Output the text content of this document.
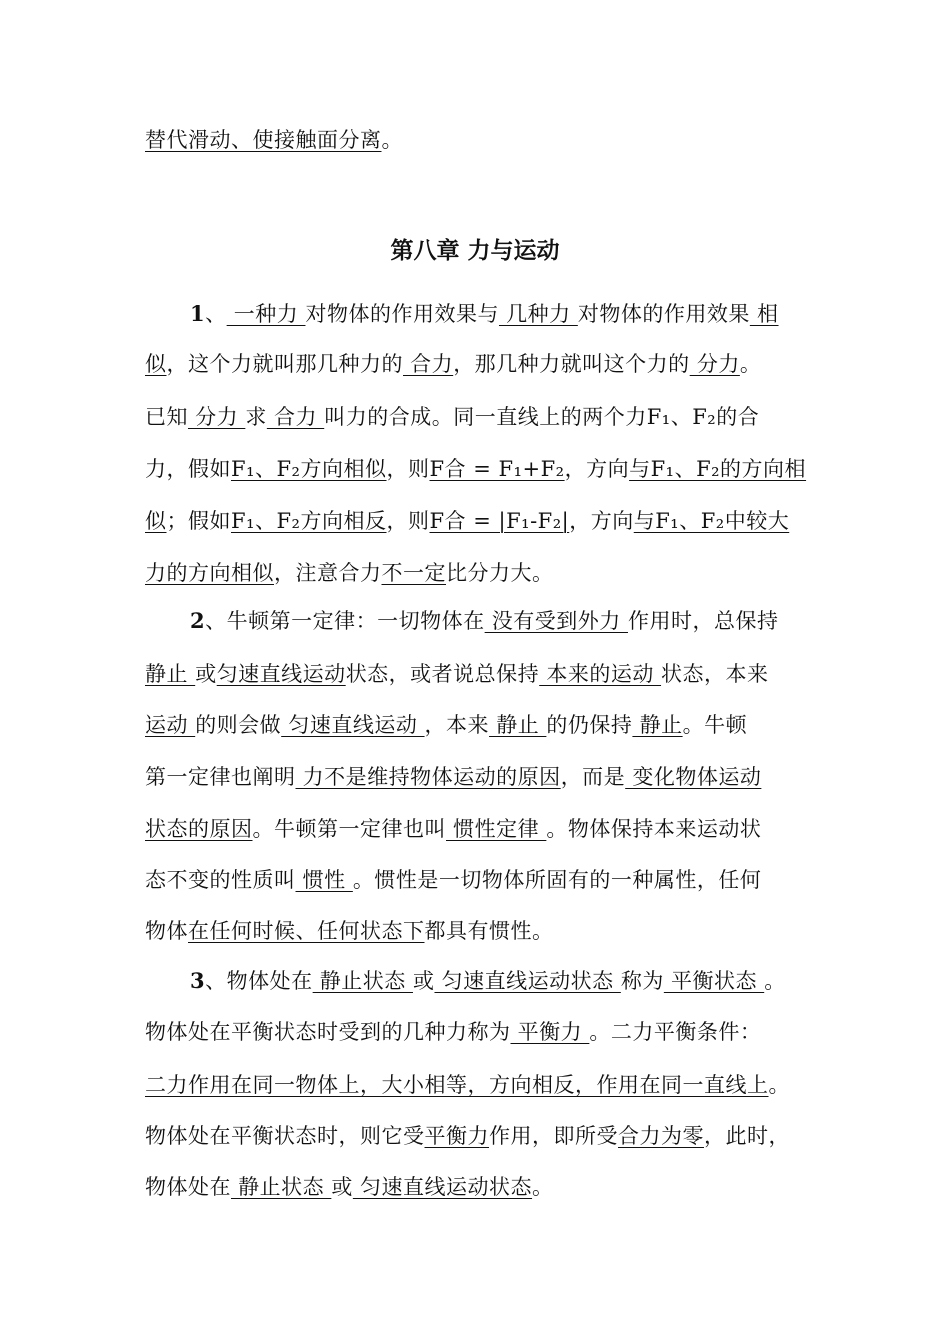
替代滑动、使接触面分离。
第八章 力与运动
1、 一种力 对物体的作用效果与 几种力 对物体的作用效果 相
似，这个力就叫那几种力的 合力，那几种力就叫这个力的 分力。
已知 分力 求 合力 叫力的合成。同一直线上的两个力F₁、F₂的合
力，假如F₁、F₂方向相似，则F合 = F₁+F₂，方向与F₁、F₂的方向相
似；假如F₁、F₂方向相反，则F合 = |F₁-F₂|，方向与F₁、F₂中较大
力的方向相似，注意合力不一定比分力大。
2、牛顿第一定律：一切物体在 没有受到外力 作用时，总保持
静止 或匀速直线运动状态，或者说总保持 本来的运动 状态，本来
运动 的则会做 匀速直线运动 ，本来 静止 的仍保持 静止。牛顿
第一定律也阐明 力不是维持物体运动的原因，而是 变化物体运动
状态的原因。牛顿第一定律也叫 惯性定律 。物体保持本来运动状
态不变的性质叫 惯性 。惯性是一切物体所固有的一种属性，任何
物体在任何时候、任何状态下都具有惯性。
3、物体处在 静止状态 或 匀速直线运动状态 称为 平衡状态 。
物体处在平衡状态时受到的几种力称为 平衡力 。二力平衡条件：
二力作用在同一物体上，大小相等，方向相反，作用在同一直线上。
物体处在平衡状态时，则它受平衡力作用，即所受合力为零，此时，
物体处在 静止状态 或 匀速直线运动状态。
